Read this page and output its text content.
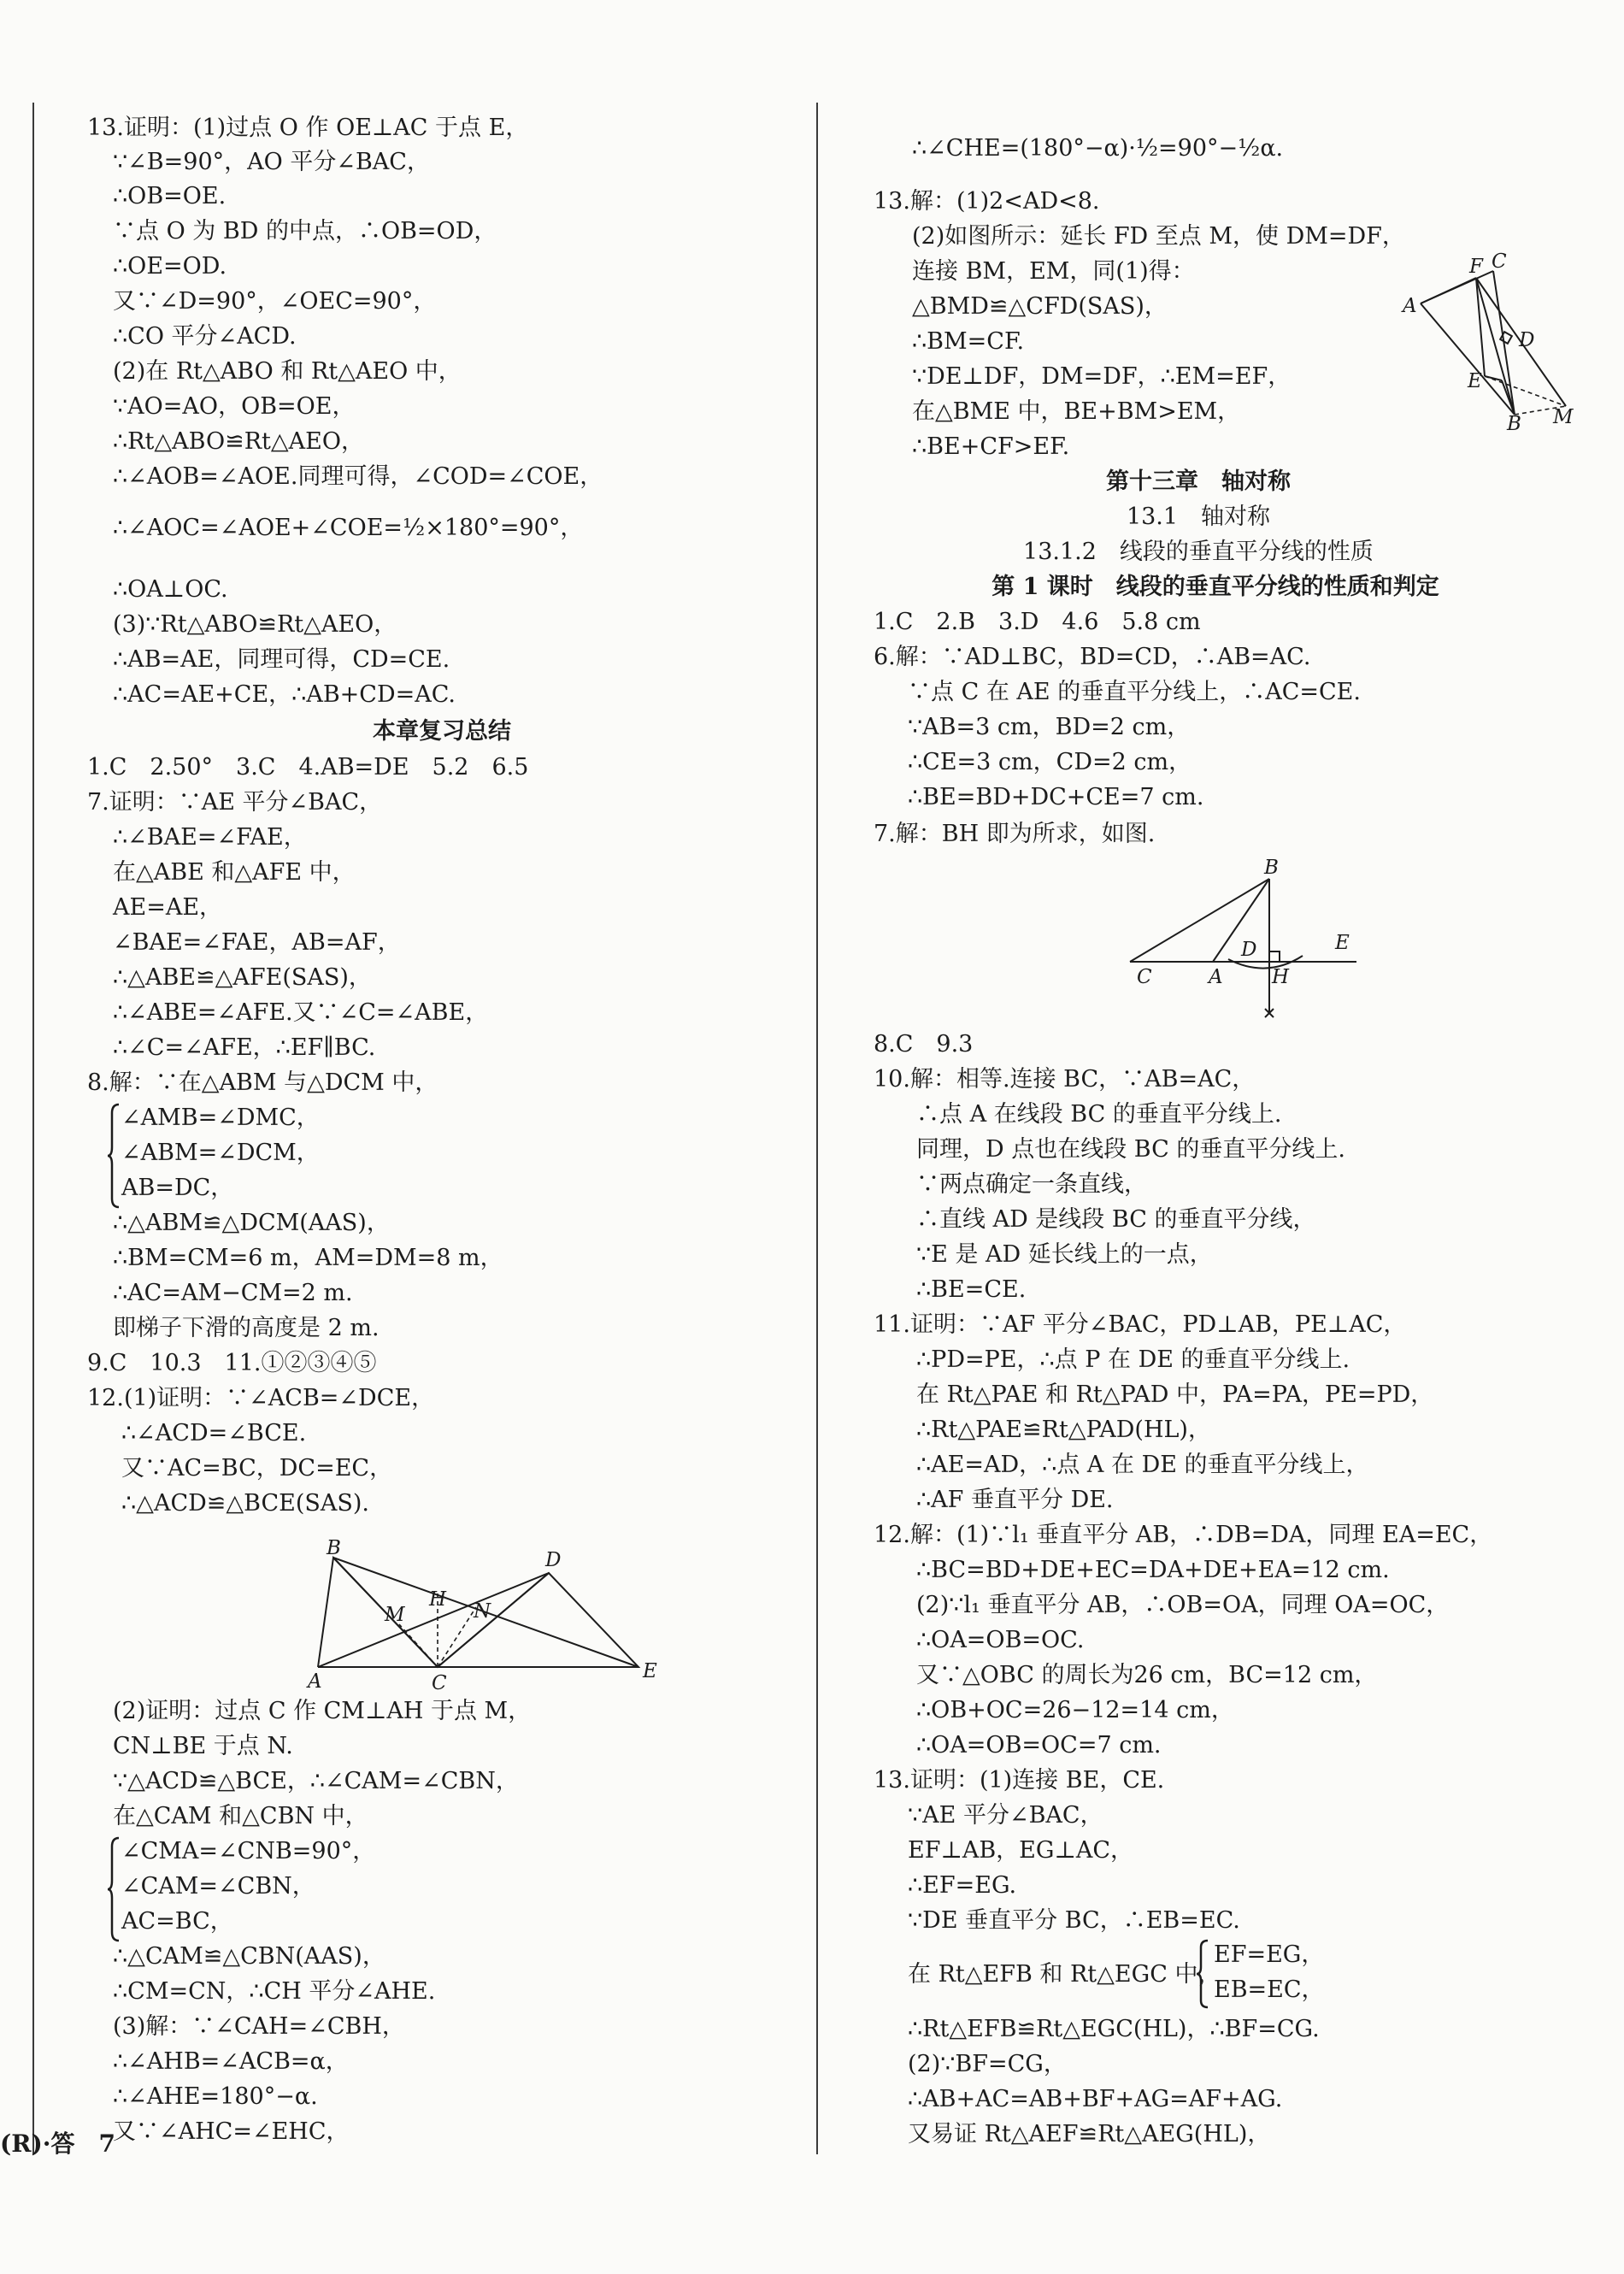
13.证明：(1)过点 O 作 OE⊥AC 于点 E，
∵∠B=90°，AO 平分∠BAC，
∴OB=OE.
∵点 O 为 BD 的中点，∴OB=OD，
∴OE=OD.
又∵∠D=90°，∠OEC=90°，
∴CO 平分∠ACD.
(2)在 Rt△ABO 和 Rt△AEO 中，
∵AO=AO，OB=OE，
∴Rt△ABO≌Rt△AEO，
∴∠AOB=∠AOE.同理可得，∠COD=∠COE，
∴∠AOC=∠AOE+∠COE=½×180°=90°，
∴OA⊥OC.
(3)∵Rt△ABO≌Rt△AEO，
∴AB=AE，同理可得，CD=CE.
∴AC=AE+CE，∴AB+CD=AC.
本章复习总结
1.C　2.50°　3.C　4.AB=DE　5.2　6.5
7.证明：∵AE 平分∠BAC，
∴∠BAE=∠FAE，
在△ABE 和△AFE 中，
AE=AE，
∠BAE=∠FAE，AB=AF，
∴△ABE≌△AFE(SAS)，
∴∠ABE=∠AFE.又∵∠C=∠ABE，
∴∠C=∠AFE，∴EF∥BC.
8.解：∵在△ABM 与△DCM 中，
∠AMB=∠DMC，
∠ABM=∠DCM，
AB=DC，
∴△ABM≌△DCM(AAS)，
∴BM=CM=6 m，AM=DM=8 m，
∴AC=AM−CM=2 m.
即梯子下滑的高度是 2 m.
9.C　10.3　11.①②③④⑤
12.(1)证明：∵∠ACB=∠DCE，
∴∠ACD=∠BCE.
又∵AC=BC，DC=EC，
∴△ACD≌△BCE(SAS).
B
D
M
H
N
A	C
E
(2)证明：过点 C 作 CM⊥AH 于点 M，
CN⊥BE 于点 N.
∵△ACD≌△BCE，∴∠CAM=∠CBN，
在△CAM 和△CBN 中，
∠CMA=∠CNB=90°，
∠CAM=∠CBN，
AC=BC，
∴△CAM≌△CBN(AAS)，
∴CM=CN，∴CH 平分∠AHE.
(3)解：∵∠CAH=∠CBH，
∴∠AHB=∠ACB=α，
∴∠AHE=180°−α.
又∵∠AHC=∠EHC，
∴∠CHE=(180°−α)·½=90°−½α.
13.解：(1)2<AD<8.
(2)如图所示：延长 FD 至点 M，使 DM=DF，
连接 BM，EM，同(1)得：
△BMD≌△CFD(SAS)，
∴BM=CF.
∵DE⊥DF，DM=DF，∴EM=EF，
在△BME 中，BE+BM>EM，
∴BE+CF>EF.
F C
A
D
E
B M
第十三章　轴对称
13.1　轴对称
13.1.2　线段的垂直平分线的性质
第 1 课时　线段的垂直平分线的性质和判定
1.C　2.B　3.D　4.6　5.8 cm
6.解：∵AD⊥BC，BD=CD，∴AB=AC.
∵点 C 在 AE 的垂直平分线上，∴AC=CE.
∵AB=3 cm，BD=2 cm，
∴CE=3 cm，CD=2 cm，
∴BE=BD+DC+CE=7 cm.
7.解：BH 即为所求，如图.
B
D	E
C	A H
8.C　9.3
10.解：相等.连接 BC，∵AB=AC，
∴点 A 在线段 BC 的垂直平分线上.
同理，D 点也在线段 BC 的垂直平分线上.
∵两点确定一条直线，
∴直线 AD 是线段 BC 的垂直平分线，
∵E 是 AD 延长线上的一点，
∴BE=CE.
11.证明：∵AF 平分∠BAC，PD⊥AB，PE⊥AC，
∴PD=PE，∴点 P 在 DE 的垂直平分线上.
在 Rt△PAE 和 Rt△PAD 中，PA=PA，PE=PD，
∴Rt△PAE≌Rt△PAD(HL)，
∴AE=AD，∴点 A 在 DE 的垂直平分线上，
∴AF 垂直平分 DE.
12.解：(1)∵l₁ 垂直平分 AB，∴DB=DA，同理 EA=EC，
∴BC=BD+DE+EC=DA+DE+EA=12 cm.
(2)∵l₁ 垂直平分 AB，∴OB=OA，同理 OA=OC，
∴OA=OB=OC.
又∵△OBC 的周长为26 cm，BC=12 cm，
∴OB+OC=26−12=14 cm，
∴OA=OB=OC=7 cm.
13.证明：(1)连接 BE，CE.
∵AE 平分∠BAC，
EF⊥AB，EG⊥AC，
∴EF=EG.
∵DE 垂直平分 BC，∴EB=EC.
在 Rt△EFB 和 Rt△EGC 中，
EF=EG，
EB=EC，
∴Rt△EFB≌Rt△EGC(HL)，∴BF=CG.
(2)∵BF=CG，
∴AB+AC=AB+BF+AG=AF+AG.
又易证 Rt△AEF≌Rt△AEG(HL)，
(R)·答　7
